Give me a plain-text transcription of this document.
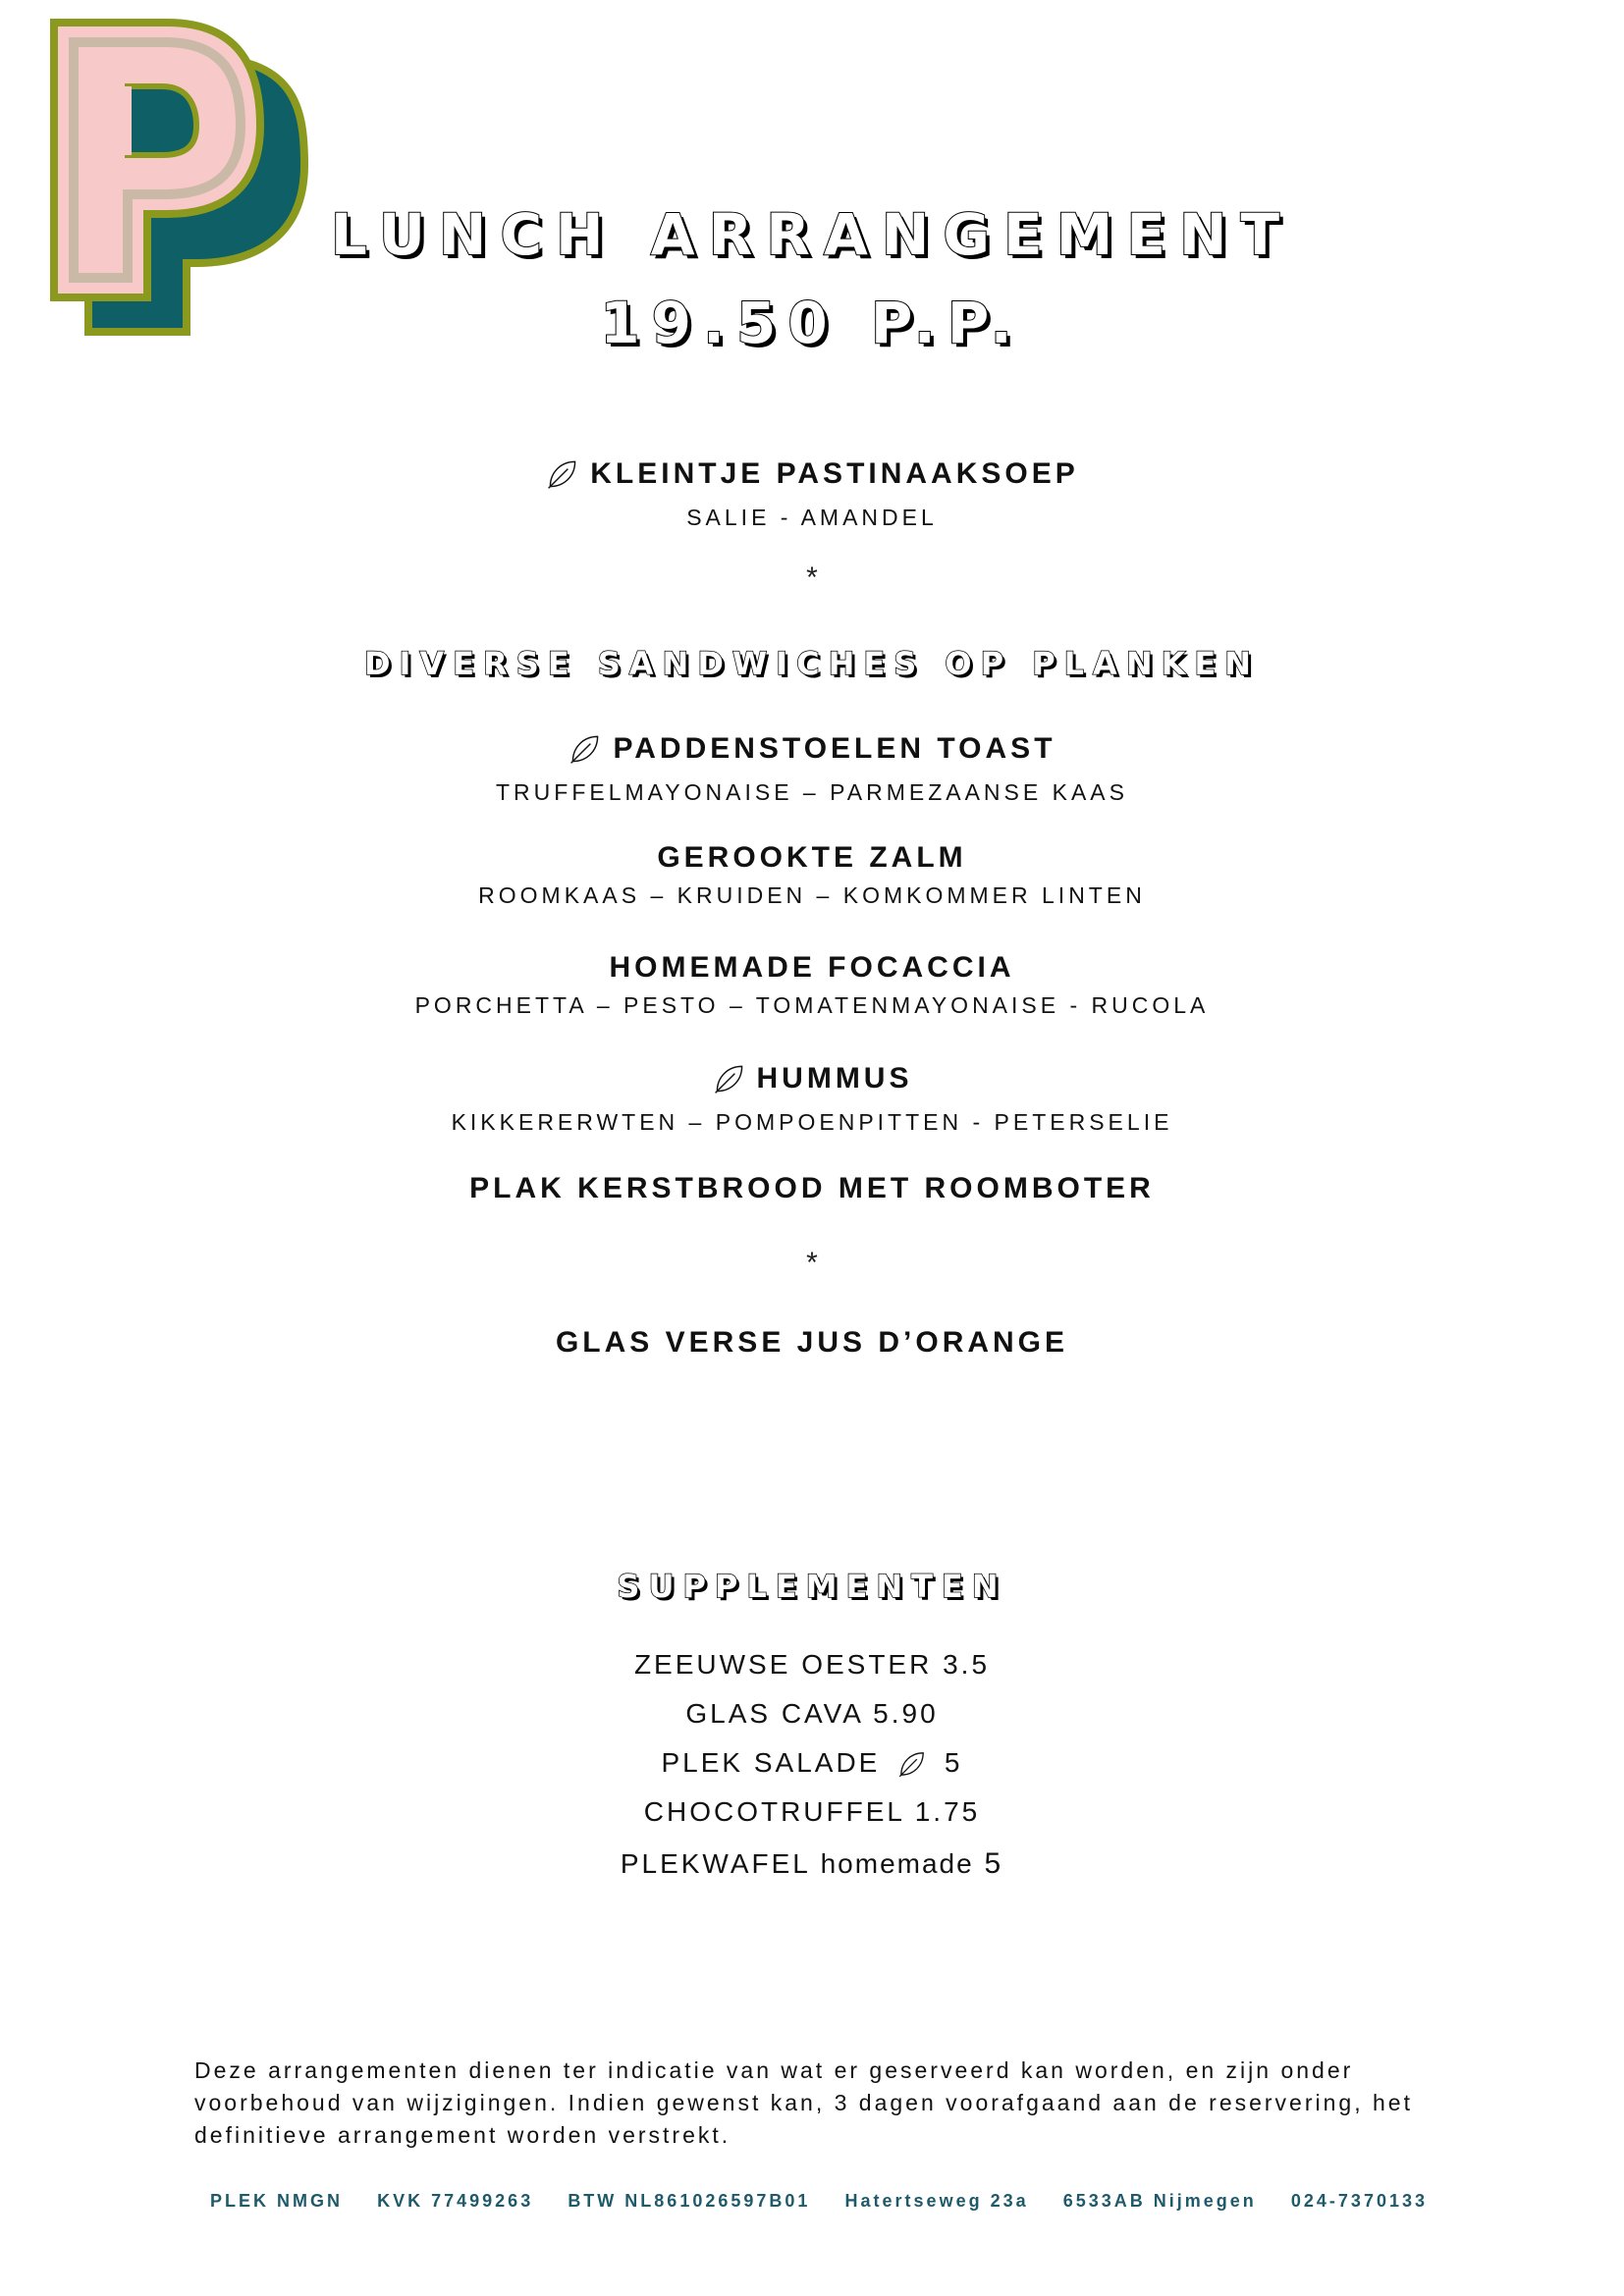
LUNCH ARRANGEMENT
19.50 P.P.
KLEINTJE PASTINAAKSOEP
SALIE - AMANDEL
*
DIVERSE SANDWICHES OP PLANKEN
PADDENSTOELEN TOAST
TRUFFELMAYONAISE – PARMEZAANSE KAAS
GEROOKTE ZALM
ROOMKAAS – KRUIDEN – KOMKOMMER LINTEN
HOMEMADE FOCACCIA
PORCHETTA – PESTO – TOMATENMAYONAISE - RUCOLA
HUMMUS
KIKKERERWTEN – POMPOENPITTEN - PETERSELIE
PLAK KERSTBROOD MET ROOMBOTER
*
GLAS VERSE JUS D’ORANGE
SUPPLEMENTEN
ZEEUWSE OESTER 3.5
GLAS CAVA 5.90
PLEK SALADE 5
CHOCOTRUFFEL 1.75
PLEKWAFEL homemade 5
Deze arrangementen dienen ter indicatie van wat er geserveerd kan worden, en zijn onder voorbehoud van wijzigingen. Indien gewenst kan, 3 dagen voorafgaand aan de reservering, het definitieve arrangement worden verstrekt.
PLEK NMGN KVK 77499263 BTW NL861026597B01 Hatertseweg 23a 6533AB Nijmegen 024-7370133
